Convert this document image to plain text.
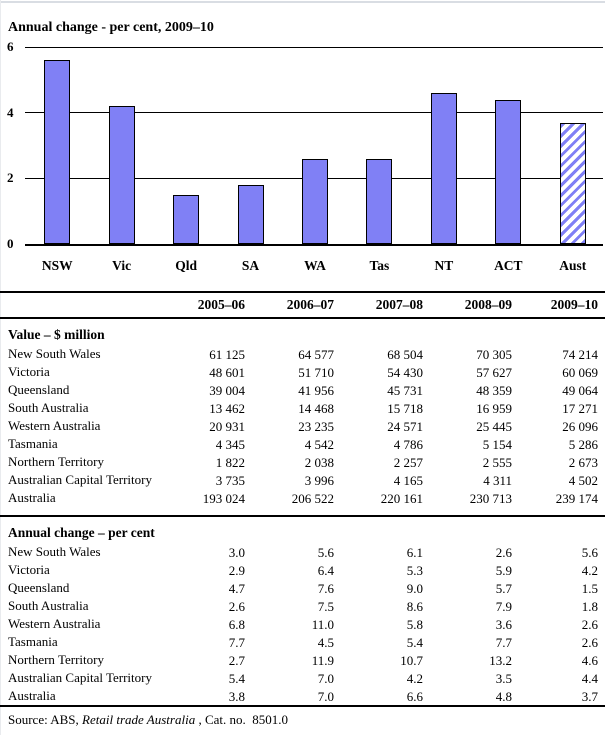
Annual change - per cent, 2009–10
0
2
4
6
NSW	Vic	Qld	SA	WA	Tas	NT	ACT	Aust
	2005–06	2006–07	2007–08	2008–09	2009–10
Value – $ million					
New South Wales	61 125	64 577	68 504	70 305	74 214
Victoria	48 601	51 710	54 430	57 627	60 069
Queensland	39 004	41 956	45 731	48 359	49 064
South Australia	13 462	14 468	15 718	16 959	17 271
Western Australia	20 931	23 235	24 571	25 445	26 096
Tasmania	4 345	4 542	4 786	5 154	5 286
Northern Territory	1 822	2 038	2 257	2 555	2 673
Australian Capital Territory	3 735	3 996	4 165	4 311	4 502
Australia	193 024	206 522	220 161	230 713	239 174

Annual change – per cent					
New South Wales	3.0	5.6	6.1	2.6	5.6
Victoria	2.9	6.4	5.3	5.9	4.2
Queensland	4.7	7.6	9.0	5.7	1.5
South Australia	2.6	7.5	8.6	7.9	1.8
Western Australia	6.8	11.0	5.8	3.6	2.6
Tasmania	7.7	4.5	5.4	7.7	2.6
Northern Territory	2.7	11.9	10.7	13.2	4.6
Australian Capital Territory	5.4	7.0	4.2	3.5	4.4
Australia	3.8	7.0	6.6	4.8	3.7
Source: ABS, Retail trade Australia , Cat. no.  8501.0
